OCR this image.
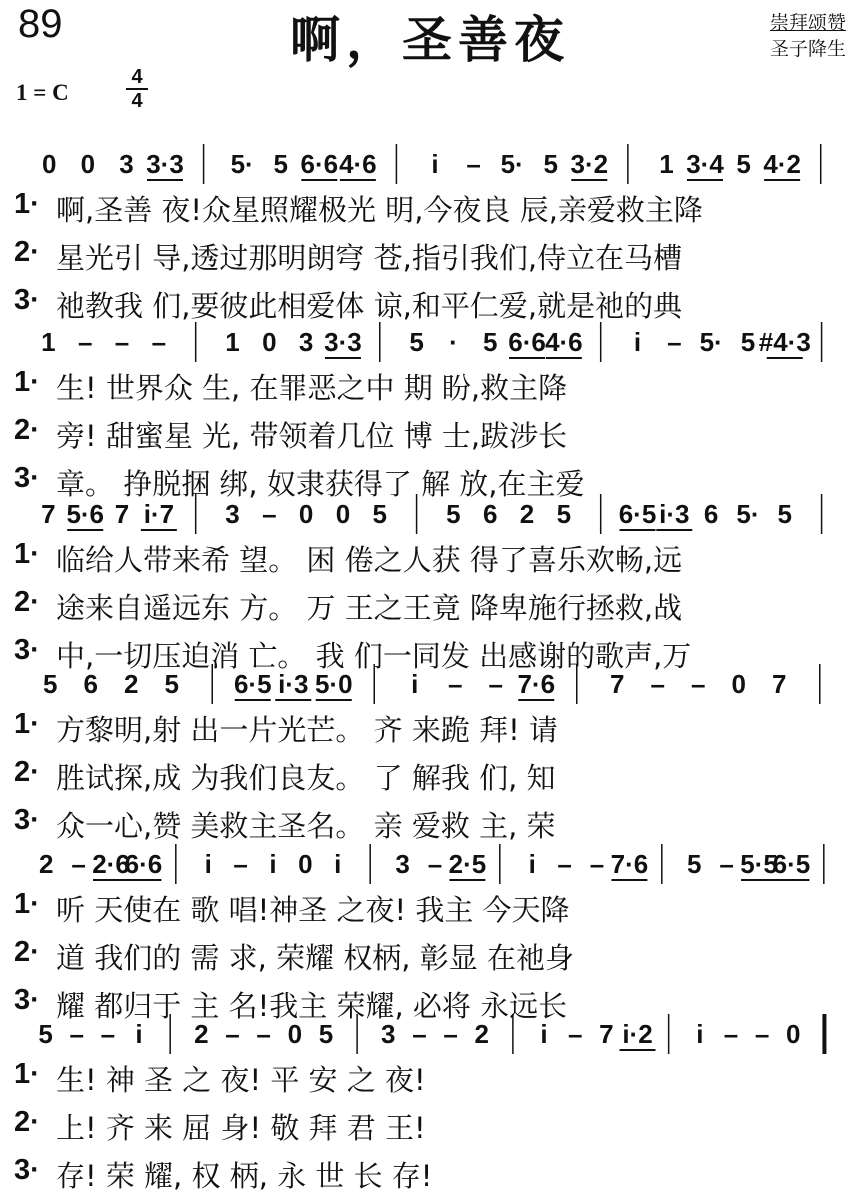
89	啊，圣善夜	崇拜颂赞
圣子降生
1 = C
4
4
0 0 3 3·3 5· 5 6·6 4·6 i – 5· 5 3·2 1 3·4 5 4·2
1· 啊,圣善 夜!众星照耀极光 明,今夜良 辰,亲爱救主降
2· 星光引 导,透过那明朗穹 苍,指引我们,侍立在马槽
3· 祂教我 们,要彼此相爱体 谅,和平仁爱,就是祂的典
1 – – – 1 0 3 3·3 5 · 5 6·6 4·6 i – 5· 5 #4·3
1· 生! 世界众 生, 在罪恶之中 期 盼,救主降
2· 旁! 甜蜜星 光, 带领着几位 博 士,跋涉长
3· 章。 挣脱捆 绑, 奴隶获得了 解 放,在主爱
7 5·6 7 i·7 3 – 0 0 5 5 6 2 5 6·5 i·3 6 5· 5
1· 临给人带来希 望。 困 倦之人获 得了喜乐欢畅,远
2· 途来自遥远东 方。 万 王之王竟 降卑施行拯救,战
3· 中,一切压迫消 亡。 我 们一同发 出感谢的歌声,万
5 6 2 5 6·5 i·3 5·0 i – – 7·6 7 – – 0 7
1· 方黎明,射 出一片光芒。 齐 来跪 拜! 请
2· 胜试探,成 为我们良友。 了 解我 们, 知
3· 众一心,赞 美救主圣名。 亲 爱救 主, 荣
2 – 2·6
6·6 i – i 0 i 3 – 2·5 i – – 7·6 5 – 5·5
6·5
1· 听 天使在 歌 唱!神圣 之夜! 我主 今天降
2· 道 我们的 需 求, 荣耀 权柄, 彰显 在祂身
3· 耀 都归于 主 名!我主 荣耀, 必将 永远长
5 – – i 2 – – 0 5 3 – – 2 i – 7 i·2 i – – 0
1· 生! 神 圣 之 夜! 平 安 之 夜!
2· 上! 齐 来 屈 身! 敬 拜 君 王!
3· 存! 荣 耀, 权 柄, 永 世 长 存!
